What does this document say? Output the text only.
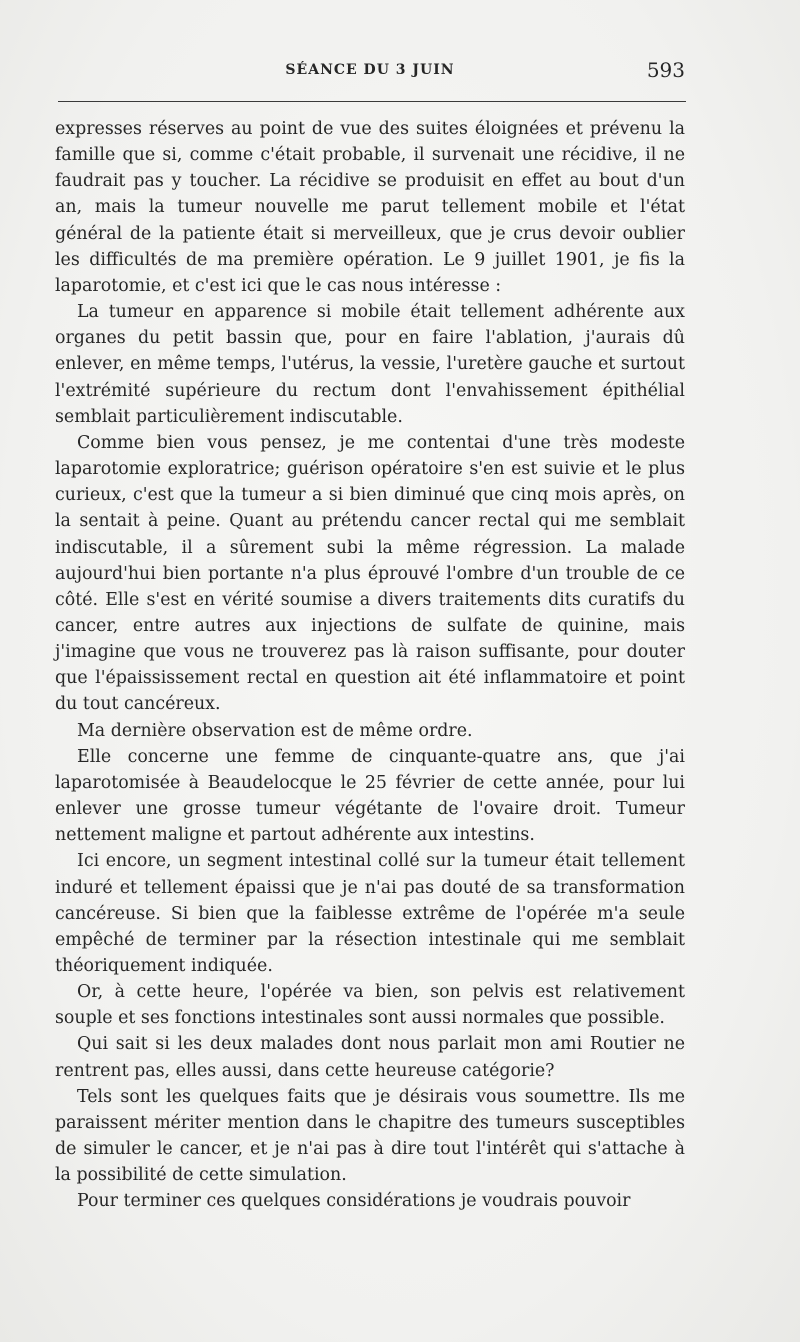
SÉANCE DU 3 JUIN	593

expresses réserves au point de vue des suites éloignées et prévenu la famille que si, comme c'était probable, il survenait une récidive, il ne faudrait pas y toucher. La récidive se produisit en effet au bout d'un an, mais la tumeur nouvelle me parut tellement mobile et l'état général de la patiente était si merveilleux, que je crus devoir oublier les difficultés de ma première opération. Le 9 juillet 1901, je fis la laparotomie, et c'est ici que le cas nous intéresse :

La tumeur en apparence si mobile était tellement adhérente aux organes du petit bassin que, pour en faire l'ablation, j'aurais dû enlever, en même temps, l'utérus, la vessie, l'uretère gauche et surtout l'extrémité supérieure du rectum dont l'envahissement épithélial semblait particulièrement indiscutable.

Comme bien vous pensez, je me contentai d'une très modeste laparotomie exploratrice; guérison opératoire s'en est suivie et le plus curieux, c'est que la tumeur a si bien diminué que cinq mois après, on la sentait à peine. Quant au prétendu cancer rectal qui me semblait indiscutable, il a sûrement subi la même régression. La malade aujourd'hui bien portante n'a plus éprouvé l'ombre d'un trouble de ce côté. Elle s'est en vérité soumise a divers traitements dits curatifs du cancer, entre autres aux injections de sulfate de quinine, mais j'imagine que vous ne trouverez pas là raison suffisante, pour douter que l'épaississement rectal en question ait été inflammatoire et point du tout cancéreux.

Ma dernière observation est de même ordre.

Elle concerne une femme de cinquante-quatre ans, que j'ai laparotomisée à Beaudelocque le 25 février de cette année, pour lui enlever une grosse tumeur végétante de l'ovaire droit. Tumeur nettement maligne et partout adhérente aux intestins.

Ici encore, un segment intestinal collé sur la tumeur était tellement induré et tellement épaissi que je n'ai pas douté de sa transformation cancéreuse. Si bien que la faiblesse extrême de l'opérée m'a seule empêché de terminer par la résection intestinale qui me semblait théoriquement indiquée.

Or, à cette heure, l'opérée va bien, son pelvis est relativement souple et ses fonctions intestinales sont aussi normales que possible.

Qui sait si les deux malades dont nous parlait mon ami Routier ne rentrent pas, elles aussi, dans cette heureuse catégorie?

Tels sont les quelques faits que je désirais vous soumettre. Ils me paraissent mériter mention dans le chapitre des tumeurs susceptibles de simuler le cancer, et je n'ai pas à dire tout l'intérêt qui s'attache à la possibilité de cette simulation.

Pour terminer ces quelques considérations je voudrais pouvoir
